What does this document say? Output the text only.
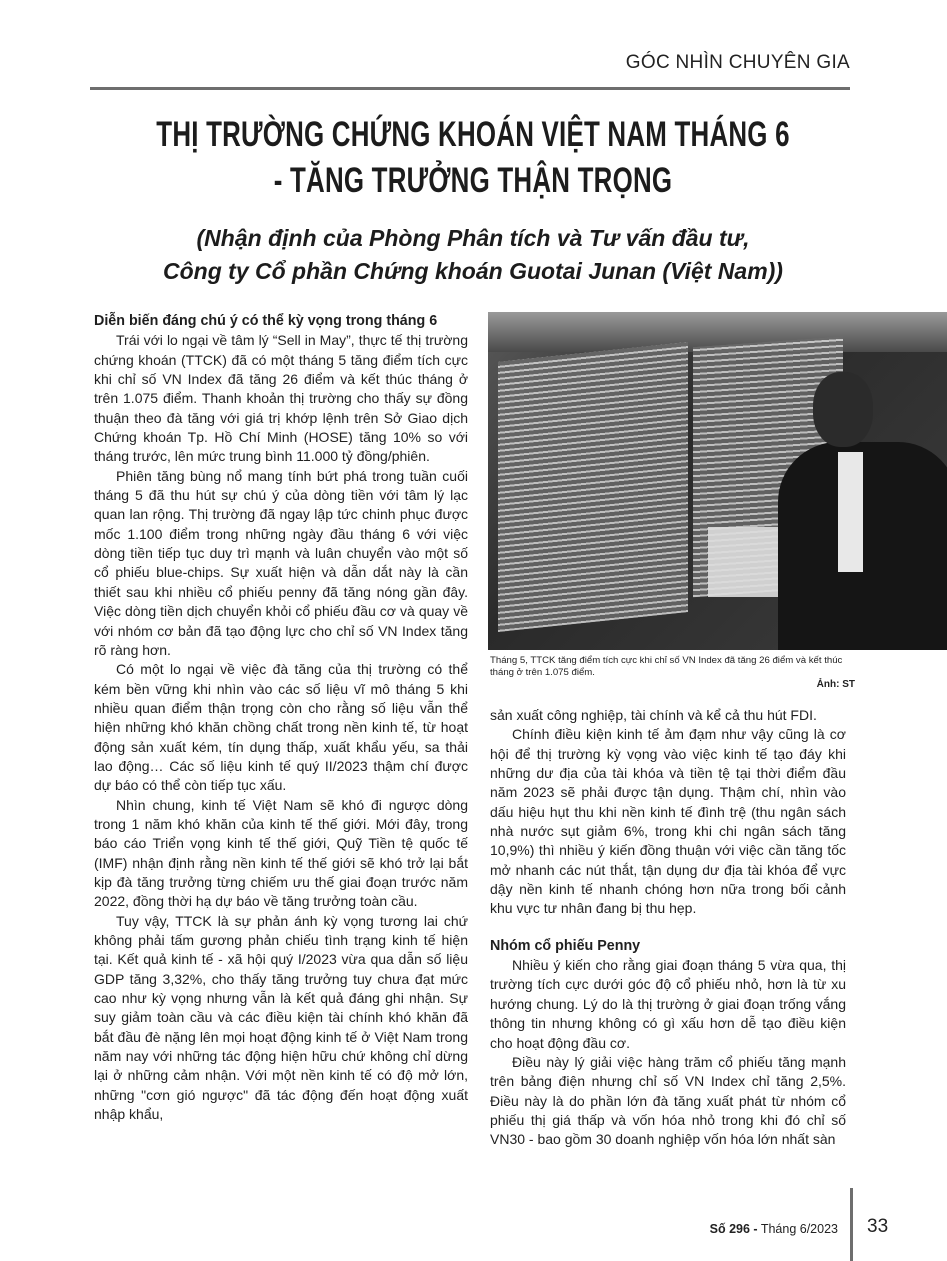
GÓC NHÌN CHUYÊN GIA
THỊ TRƯỜNG CHỨNG KHOÁN VIỆT NAM THÁNG 6
- TĂNG TRƯỞNG THẬN TRỌNG
(Nhận định của Phòng Phân tích và Tư vấn đầu tư,
Công ty Cổ phần Chứng khoán Guotai Junan (Việt Nam))
Diễn biến đáng chú ý có thể kỳ vọng trong tháng 6

Trái với lo ngại về tâm lý “Sell in May”, thực tế thị trường chứng khoán (TTCK) đã có một tháng 5 tăng điểm tích cực khi chỉ số VN Index đã tăng 26 điểm và kết thúc tháng ở trên 1.075 điểm. Thanh khoản thị trường cho thấy sự đồng thuận theo đà tăng với giá trị khớp lệnh trên Sở Giao dịch Chứng khoán Tp. Hồ Chí Minh (HOSE) tăng 10% so với tháng trước, lên mức trung bình 11.000 tỷ đồng/phiên.

Phiên tăng bùng nổ mang tính bứt phá trong tuần cuối tháng 5 đã thu hút sự chú ý của dòng tiền với tâm lý lạc quan lan rộng. Thị trường đã ngay lập tức chinh phục được mốc 1.100 điểm trong những ngày đầu tháng 6 với việc dòng tiền tiếp tục duy trì mạnh và luân chuyển vào một số cổ phiếu blue-chips. Sự xuất hiện và dẫn dắt này là cần thiết sau khi nhiều cổ phiếu penny đã tăng nóng gần đây. Việc dòng tiền dịch chuyển khỏi cổ phiếu đầu cơ và quay về với nhóm cơ bản đã tạo động lực cho chỉ số VN Index tăng rõ ràng hơn.

Có một lo ngại về việc đà tăng của thị trường có thể kém bền vững khi nhìn vào các số liệu vĩ mô tháng 5 khi nhiều quan điểm thận trọng còn cho rằng số liệu vẫn thể hiện những khó khăn chồng chất trong nền kinh tế, từ hoạt động sản xuất kém, tín dụng thấp, xuất khẩu yếu, sa thải lao động… Các số liệu kinh tế quý II/2023 thậm chí được dự báo có thể còn tiếp tục xấu.

Nhìn chung, kinh tế Việt Nam sẽ khó đi ngược dòng trong 1 năm khó khăn của kinh tế thế giới. Mới đây, trong báo cáo Triển vọng kinh tế thế giới, Quỹ Tiền tệ quốc tế (IMF) nhận định rằng nền kinh tế thế giới sẽ khó trở lại bắt kịp đà tăng trưởng từng chiếm ưu thế giai đoạn trước năm 2022, đồng thời hạ dự báo về tăng trưởng toàn cầu.

Tuy vậy, TTCK là sự phản ánh kỳ vọng tương lai chứ không phải tấm gương phản chiếu tình trạng kinh tế hiện tại. Kết quả kinh tế - xã hội quý I/2023 vừa qua dẫn số liệu GDP tăng 3,32%, cho thấy tăng trưởng tuy chưa đạt mức cao như kỳ vọng nhưng vẫn là kết quả đáng ghi nhận. Sự suy giảm toàn cầu và các điều kiện tài chính khó khăn đã bắt đầu đè nặng lên mọi hoạt động kinh tế ở Việt Nam trong năm nay với những tác động hiện hữu chứ không chỉ dừng lại ở những cảm nhận. Với một nền kinh tế có độ mở lớn, những "cơn gió ngược" đã tác động đến hoạt động xuất nhập khẩu,

Tháng 5, TTCK tăng điểm tích cực khi chỉ số VN Index đã tăng 26 điểm và kết thúc tháng ở trên 1.075 điểm.
Ảnh: ST

sản xuất công nghiệp, tài chính và kể cả thu hút FDI.

Chính điều kiện kinh tế ảm đạm như vậy cũng là cơ hội để thị trường kỳ vọng vào việc kinh tế tạo đáy khi những dư địa của tài khóa và tiền tệ tại thời điểm đầu năm 2023 sẽ phải được tận dụng. Thậm chí, nhìn vào dấu hiệu hụt thu khi nền kinh tế đình trệ (thu ngân sách nhà nước sụt giảm 6%, trong khi chi ngân sách tăng 10,9%) thì nhiều ý kiến đồng thuận với việc cần tăng tốc mở nhanh các nút thắt, tận dụng dư địa tài khóa để vực dậy nền kinh tế nhanh chóng hơn nữa trong bối cảnh khu vực tư nhân đang bị thu hẹp.

Nhóm cổ phiếu Penny

Nhiều ý kiến cho rằng giai đoạn tháng 5 vừa qua, thị trường tích cực dưới góc độ cổ phiếu nhỏ, hơn là từ xu hướng chung. Lý do là thị trường ở giai đoạn trống vắng thông tin nhưng không có gì xấu hơn dễ tạo điều kiện cho hoạt động đầu cơ.

Điều này lý giải việc hàng trăm cổ phiếu tăng mạnh trên bảng điện nhưng chỉ số VN Index chỉ tăng 2,5%. Điều này là do phần lớn đà tăng xuất phát từ nhóm cổ phiếu thị giá thấp và vốn hóa nhỏ trong khi đó chỉ số VN30 - bao gồm 30 doanh nghiệp vốn hóa lớn nhất sàn

Số 296 - Tháng 6/2023 33
